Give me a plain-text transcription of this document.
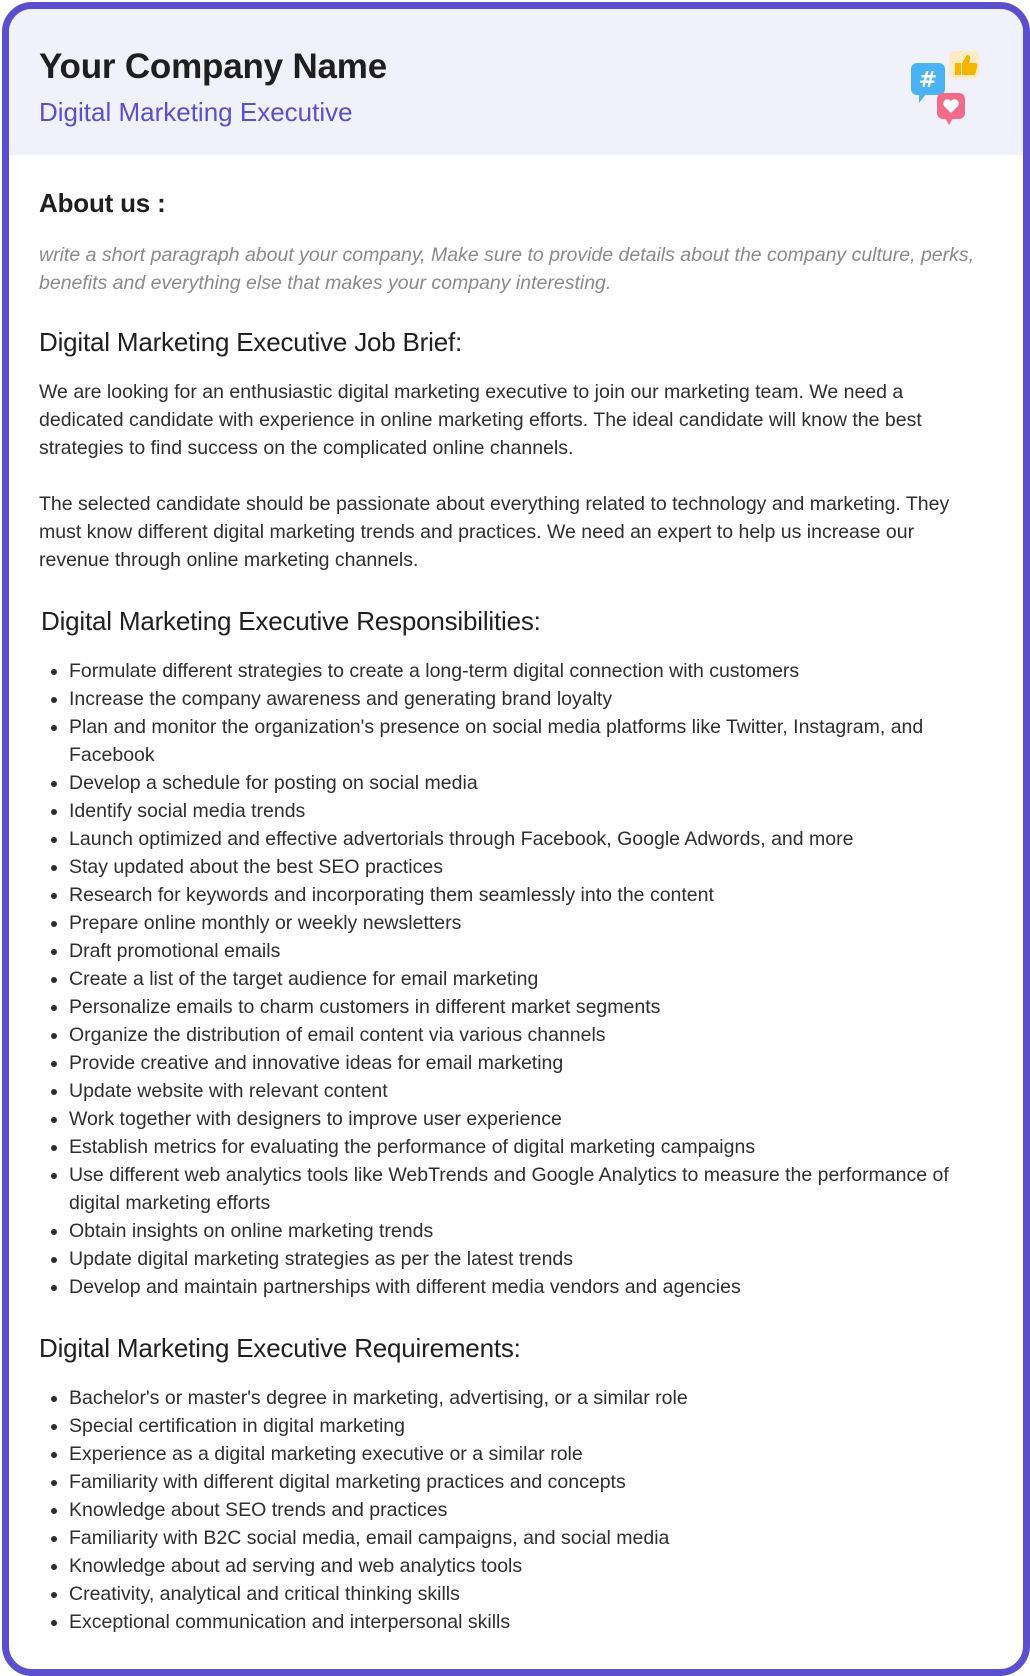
Your Company Name
Digital Marketing Executive
#
About us :

write a short paragraph about your company, Make sure to provide details about the company culture, perks, benefits and everything else that makes your company interesting.

Digital Marketing Executive Job Brief:

We are looking for an enthusiastic digital marketing executive to join our marketing team. We need a dedicated candidate with experience in online marketing efforts. The ideal candidate will know the best strategies to find success on the complicated online channels.

The selected candidate should be passionate about everything related to technology and marketing. They must know different digital marketing trends and practices. We need an expert to help us increase our revenue through online marketing channels.

Digital Marketing Executive Responsibilities:
• Formulate different strategies to create a long-term digital connection with customers
• Increase the company awareness and generating brand loyalty
• Plan and monitor the organization's presence on social media platforms like Twitter, Instagram, and Facebook
• Develop a schedule for posting on social media
• Identify social media trends
• Launch optimized and effective advertorials through Facebook, Google Adwords, and more
• Stay updated about the best SEO practices
• Research for keywords and incorporating them seamlessly into the content
• Prepare online monthly or weekly newsletters
• Draft promotional emails
• Create a list of the target audience for email marketing
• Personalize emails to charm customers in different market segments
• Organize the distribution of email content via various channels
• Provide creative and innovative ideas for email marketing
• Update website with relevant content
• Work together with designers to improve user experience
• Establish metrics for evaluating the performance of digital marketing campaigns
• Use different web analytics tools like WebTrends and Google Analytics to measure the performance of digital marketing efforts
• Obtain insights on online marketing trends
• Update digital marketing strategies as per the latest trends
• Develop and maintain partnerships with different media vendors and agencies
Digital Marketing Executive Requirements:
• Bachelor's or master's degree in marketing, advertising, or a similar role
• Special certification in digital marketing
• Experience as a digital marketing executive or a similar role
• Familiarity with different digital marketing practices and concepts
• Knowledge about SEO trends and practices
• Familiarity with B2C social media, email campaigns, and social media
• Knowledge about ad serving and web analytics tools
• Creativity, analytical and critical thinking skills
• Exceptional communication and interpersonal skills
